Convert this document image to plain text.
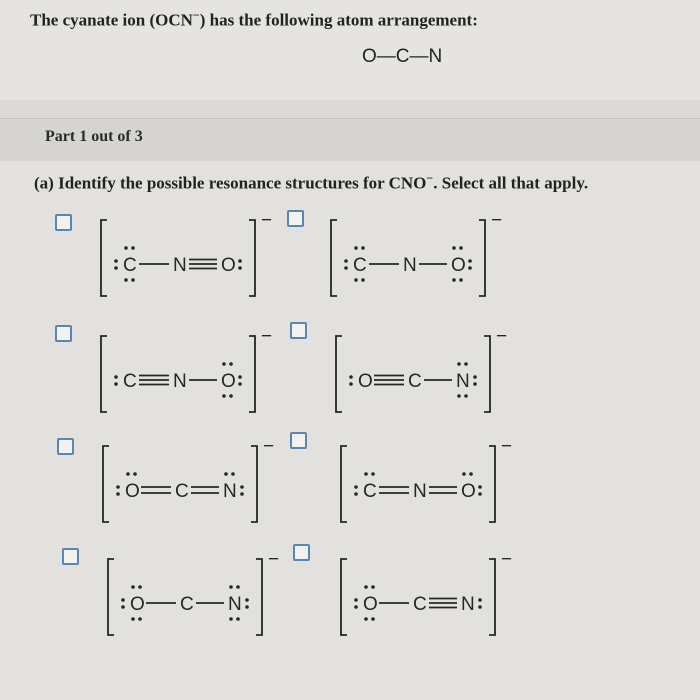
The cyanate ion (OCN−) has the following atom arrangement:
O—C—N
Part 1 out of 3
(a) Identify the possible resonance structures for CNO−. Select all that apply.
−
C N O
−
C N O
−
C N O
−
O C N
−
O C N
−
C N O
−
O C N
−
O C N
